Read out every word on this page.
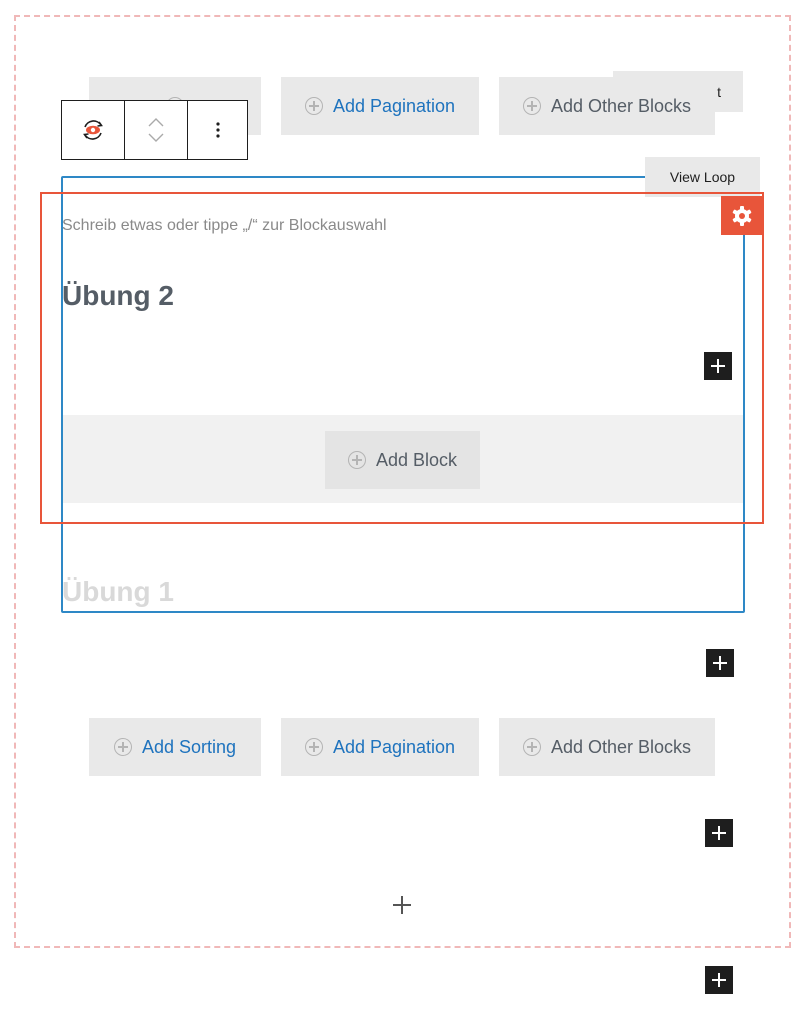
Add Pagination
t
Add Other Blocks
View Loop
Schreib etwas oder tippe „/“ zur Blockauswahl
Übung 2
Add Block
Übung 1
Add Sorting	Add Pagination	Add Other Blocks
